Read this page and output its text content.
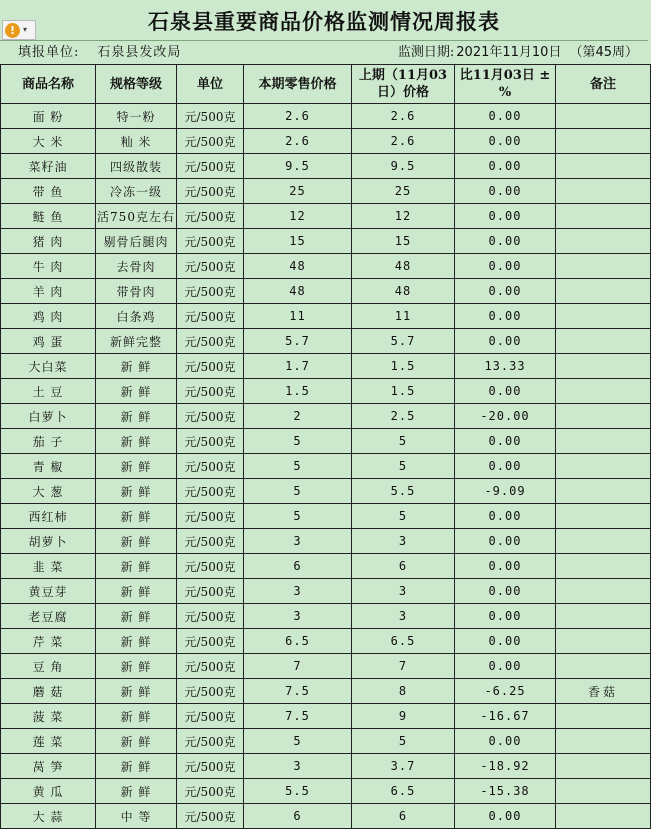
石泉县重要商品价格监测情况周报表
! ▾
填报单位: 石泉县发改局	监测日期: 2021年11月10日 （第45周）
商品名称	规格等级	单位	本期零售价格	上期（11月03日）价格	比11月03日 ± %	备注
面 粉	特一粉	元/500克	2.6	2.6	0.00	
大 米	籼 米	元/500克	2.6	2.6	0.00	
菜籽油	四级散装	元/500克	9.5	9.5	0.00	
带 鱼	冷冻一级	元/500克	25	25	0.00	
鲢 鱼	活750克左右	元/500克	12	12	0.00	
猪 肉	剔骨后腿肉	元/500克	15	15	0.00	
牛 肉	去骨肉	元/500克	48	48	0.00	
羊 肉	带骨肉	元/500克	48	48	0.00	
鸡 肉	白条鸡	元/500克	11	11	0.00	
鸡 蛋	新鲜完整	元/500克	5.7	5.7	0.00	
大白菜	新 鲜	元/500克	1.7	1.5	13.33	
土 豆	新 鲜	元/500克	1.5	1.5	0.00	
白萝卜	新 鲜	元/500克	2	2.5	-20.00	
茄 子	新 鲜	元/500克	5	5	0.00	
青 椒	新 鲜	元/500克	5	5	0.00	
大 葱	新 鲜	元/500克	5	5.5	-9.09	
西红柿	新 鲜	元/500克	5	5	0.00	
胡萝卜	新 鲜	元/500克	3	3	0.00	
韭 菜	新 鲜	元/500克	6	6	0.00	
黄豆芽	新 鲜	元/500克	3	3	0.00	
老豆腐	新 鲜	元/500克	3	3	0.00	
芹 菜	新 鲜	元/500克	6.5	6.5	0.00	
豆 角	新 鲜	元/500克	7	7	0.00	
蘑 菇	新 鲜	元/500克	7.5	8	-6.25	香菇
菠 菜	新 鲜	元/500克	7.5	9	-16.67	
莲 菜	新 鲜	元/500克	5	5	0.00	
莴 笋	新 鲜	元/500克	3	3.7	-18.92	
黄 瓜	新 鲜	元/500克	5.5	6.5	-15.38	
大 蒜	中 等	元/500克	6	6	0.00	
